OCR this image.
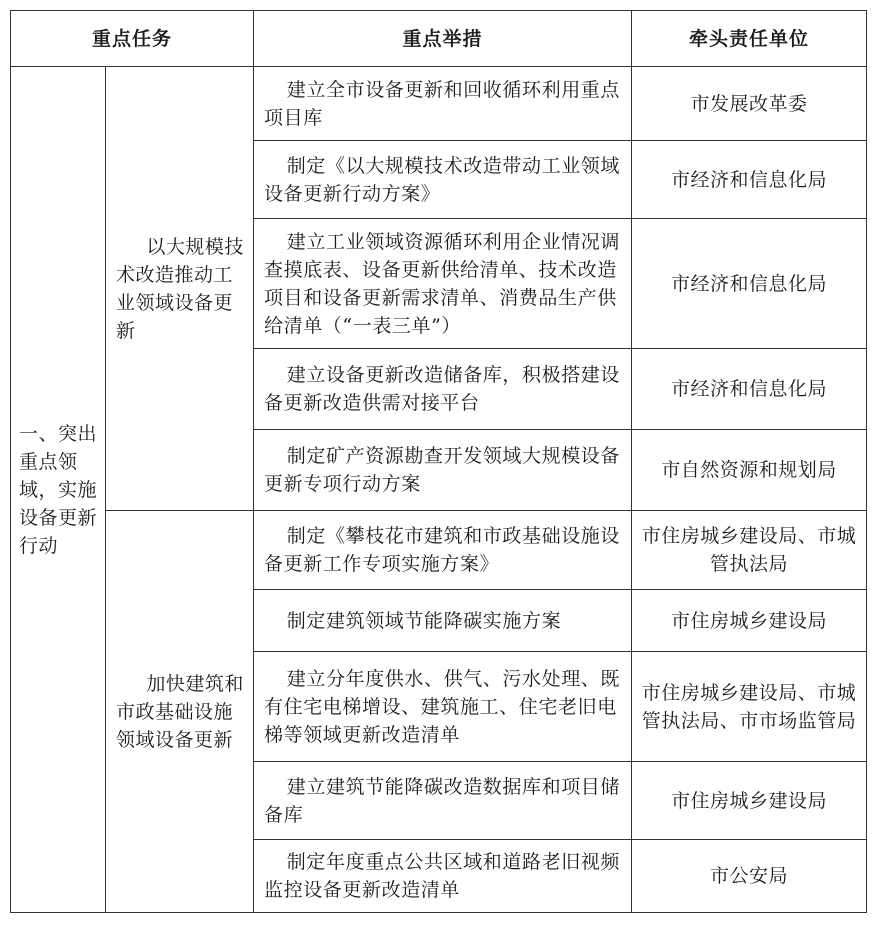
重点任务		重点举措	牵头责任单位
一、突出重点领域，实施设备更新行动	以大规模技术改造推动工业领域设备更新	建立全市设备更新和回收循环利用重点项目库	市发展改革委
		制定《以大规模技术改造带动工业领域设备更新行动方案》	市经济和信息化局
		建立工业领域资源循环利用企业情况调查摸底表、设备更新供给清单、技术改造项目和设备更新需求清单、消费品生产供给清单（“一表三单”）	市经济和信息化局
		建立设备更新改造储备库，积极搭建设备更新改造供需对接平台	市经济和信息化局
		制定矿产资源勘查开发领域大规模设备更新专项行动方案	市自然资源和规划局
	加快建筑和市政基础设施领域设备更新	制定《攀枝花市建筑和市政基础设施设备更新工作专项实施方案》	市住房城乡建设局、市城管执法局
		制定建筑领域节能降碳实施方案	市住房城乡建设局
		建立分年度供水、供气、污水处理、既有住宅电梯增设、建筑施工、住宅老旧电梯等领域更新改造清单	市住房城乡建设局、市城管执法局、市市场监管局
		建立建筑节能降碳改造数据库和项目储备库	市住房城乡建设局
		制定年度重点公共区域和道路老旧视频监控设备更新改造清单	市公安局
